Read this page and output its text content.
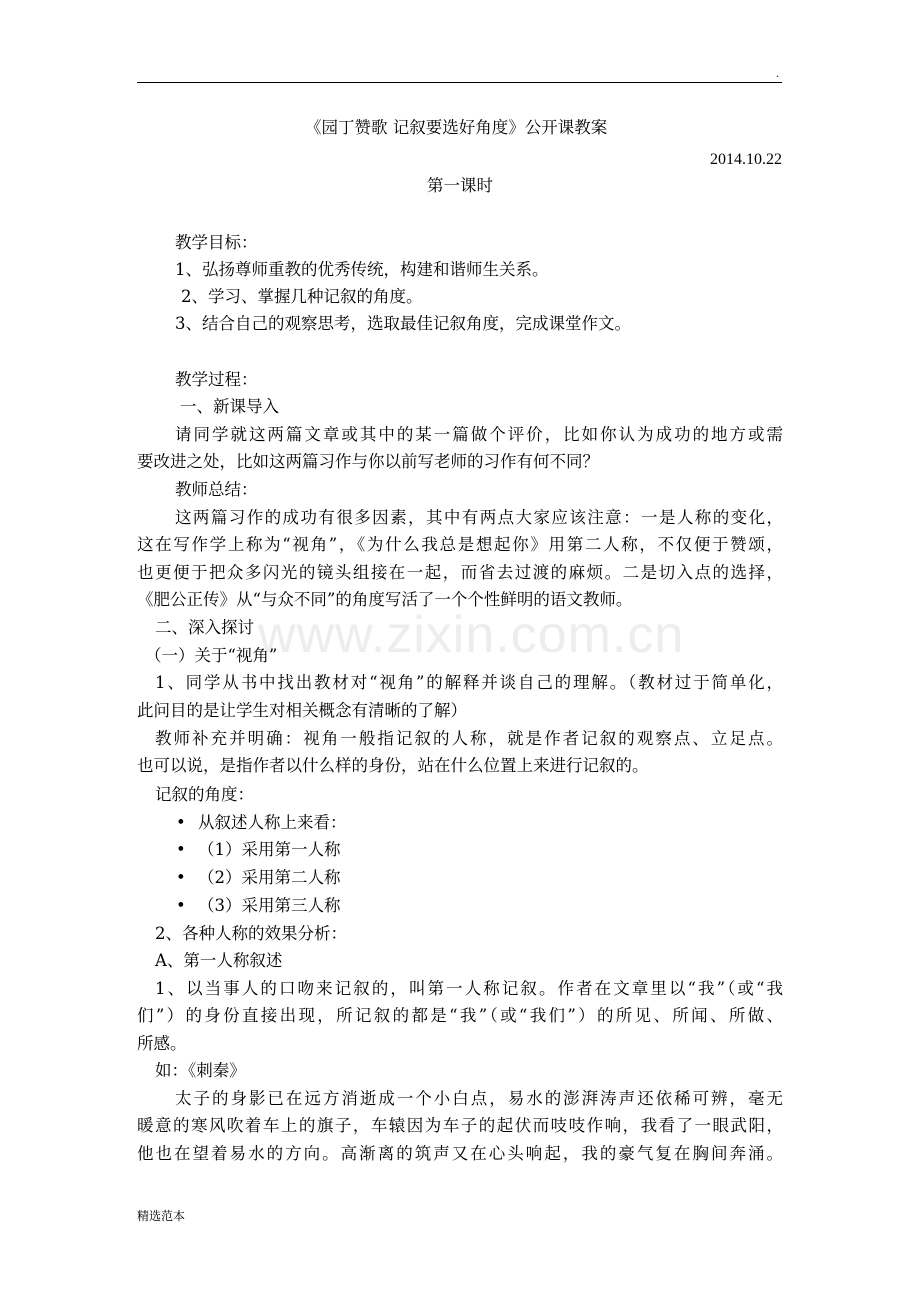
.
www.zixin.com.cn
《园丁赞歌 记叙要选好角度》公开课教案
2014.10.22
第一课时
教学目标：
1、弘扬尊师重教的优秀传统，构建和谐师生关系。
2、学习、掌握几种记叙的角度。
3、结合自己的观察思考，选取最佳记叙角度，完成课堂作文。
教学过程：
一、新课导入
请同学就这两篇文章或其中的某一篇做个评价，比如你认为成功的地方或需
要改进之处，比如这两篇习作与你以前写老师的习作有何不同？
教师总结：
这两篇习作的成功有很多因素，其中有两点大家应该注意：一是人称的变化，
这在写作学上称为“视角”，《为什么我总是想起你》用第二人称，不仅便于赞颂，
也更便于把众多闪光的镜头组接在一起，而省去过渡的麻烦。二是切入点的选择，
《肥公正传》从“与众不同”的角度写活了一个个性鲜明的语文教师。
二、深入探讨
（一）关于“视角”
1、同学从书中找出教材对“视角”的解释并谈自己的理解。（教材过于简单化，
此问目的是让学生对相关概念有清晰的了解）
教师补充并明确：视角一般指记叙的人称，就是作者记叙的观察点、立足点。
也可以说，是指作者以什么样的身份，站在什么位置上来进行记叙的。
记叙的角度：
• 从叙述人称上来看：
• （1）采用第一人称
• （2）采用第二人称
• （3）采用第三人称
2、各种人称的效果分析：
A、第一人称叙述
1、以当事人的口吻来记叙的，叫第一人称记叙。作者在文章里以“我”（或“我
们”）的身份直接出现，所记叙的都是“我”（或“我们”）的所见、所闻、所做、
所感。
如：《刺秦》
太子的身影已在远方消逝成一个小白点，易水的澎湃涛声还依稀可辨，毫无
暖意的寒风吹着车上的旗子，车辕因为车子的起伏而吱吱作响，我看了一眼武阳，
他也在望着易水的方向。高渐离的筑声又在心头响起，我的豪气复在胸间奔涌。
精选范本
